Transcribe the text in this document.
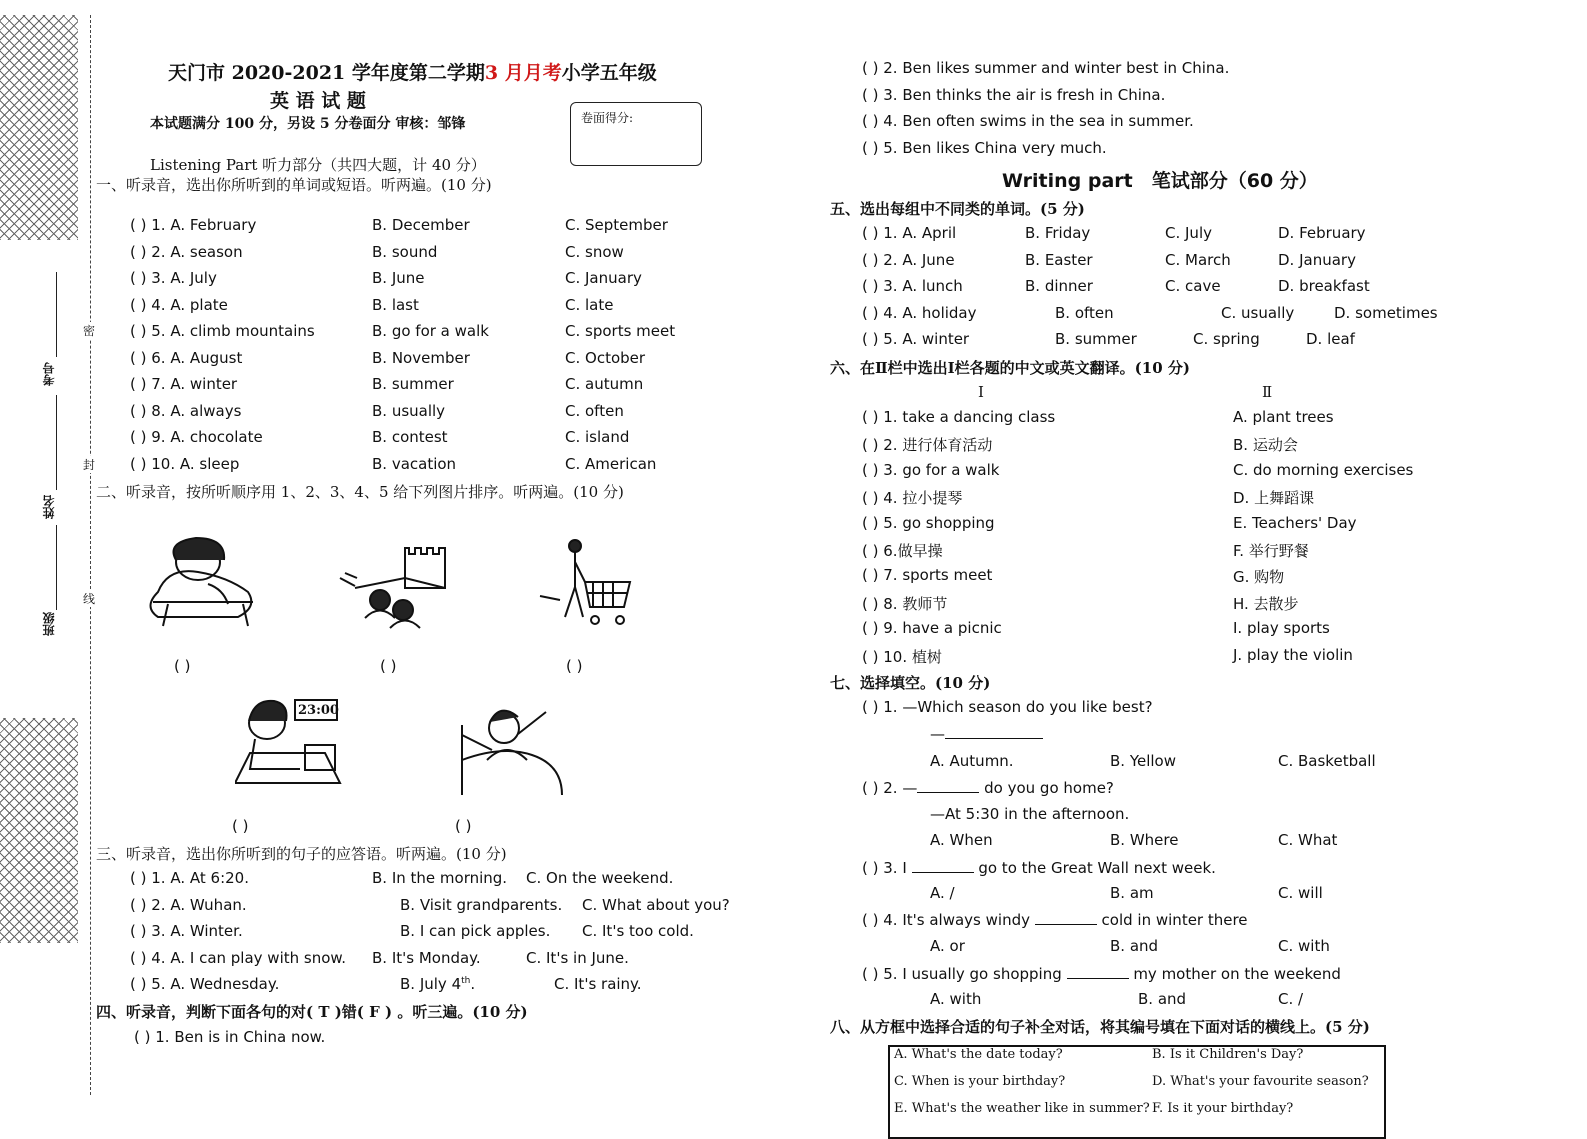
考号
姓名
班级
密
封
线
天门市 2020-2021 学年度第二学期3 月月考小学五年级
英 语 试 题
本试题满分 100 分，另设 5 分卷面分 审核：邹锋	卷面得分:
Listening Part 听力部分（共四大题，计 40 分）
一、听录音，选出你所听到的单词或短语。听两遍。(10 分)
( ) 1. A. February	B. December	C. September
( ) 2. A. season	B. sound	C. snow
( ) 3. A. July	B. June	C. January
( ) 4. A. plate	B. last	C. late
( ) 5. A. climb mountains	B. go for a walk	C. sports meet
( ) 6. A. August	B. November	C. October
( ) 7. A. winter	B. summer	C. autumn
( ) 8. A. always	B. usually	C. often
( ) 9. A. chocolate	B. contest	C. island
( ) 10. A. sleep	B. vacation	C. American
二、听录音，按所听顺序用 1、2、3、4、5 给下列图片排序。听两遍。(10 分)
( )	( )	( )
23:00
( )	( )
三、听录音，选出你所听到的句子的应答语。听两遍。(10 分)
( ) 1. A. At 6:20.	B. In the morning. C. On the weekend.
( ) 2. A. Wuhan.	B. Visit grandparents. C. What about you?
( ) 3. A. Winter.	B. I can pick apples. C. It's too cold.
( ) 4. A. I can play with snow. B. It's Monday.	C. It's in June.
( ) 5. A. Wednesday.	B. July 4th.	C. It's rainy.
四、听录音，判断下面各句的对( T )错( F ) 。听三遍。(10 分)
( ) 1. Ben is in China now.
( ) 2. Ben likes summer and winter best in China.
( ) 3. Ben thinks the air is fresh in China.
( ) 4. Ben often swims in the sea in summer.
( ) 5. Ben likes China very much.
Writing part　笔试部分（60 分）
五、选出每组中不同类的单词。(5 分)
( ) 1. A. April	B. Friday	C. July	D. February
( ) 2. A. June	B. Easter	C. March	D. January
( ) 3. A. lunch	B. dinner	C. cave	D. breakfast
( ) 4. A. holiday	B. often	C. usually	D. sometimes
( ) 5. A. winter	B. summer	C. spring	D. leaf
六、在Ⅱ栏中选出Ⅰ栏各题的中文或英文翻译。(10 分)
Ⅰ	Ⅱ
( ) 1. take a dancing class	A. plant trees
( ) 2. 进行体育活动	B. 运动会
( ) 3. go for a walk	C. do morning exercises
( ) 4. 拉小提琴	D. 上舞蹈课
( ) 5. go shopping	E. Teachers' Day
( ) 6.做早操	F. 举行野餐
( ) 7. sports meet	G. 购物
( ) 8. 教师节	H. 去散步
( ) 9. have a picnic	I. play sports
( ) 10. 植树	J. play the violin
七、选择填空。(10 分)
( ) 1. —Which season do you like best?
—
A. Autumn.	B. Yellow	C. Basketball
( ) 2. —	do you go home?
—At 5:30 in the afternoon.
A. When	B. Where	C. What
( ) 3. I	go to the Great Wall next week.
A. /	B. am	C. will
( ) 4. It's always windy	cold in winter there
A. or	B. and	C. with
( ) 5. I usually go shopping	my mother on the weekend
A. with	B. and	C. /
八、从方框中选择合适的句子补全对话，将其编号填在下面对话的横线上。(5 分)
A. What's the date today?	B. Is it Children's Day?
C. When is your birthday?	D. What's your favourite season?
E. What's the weather like in summer? F. Is it your birthday?
